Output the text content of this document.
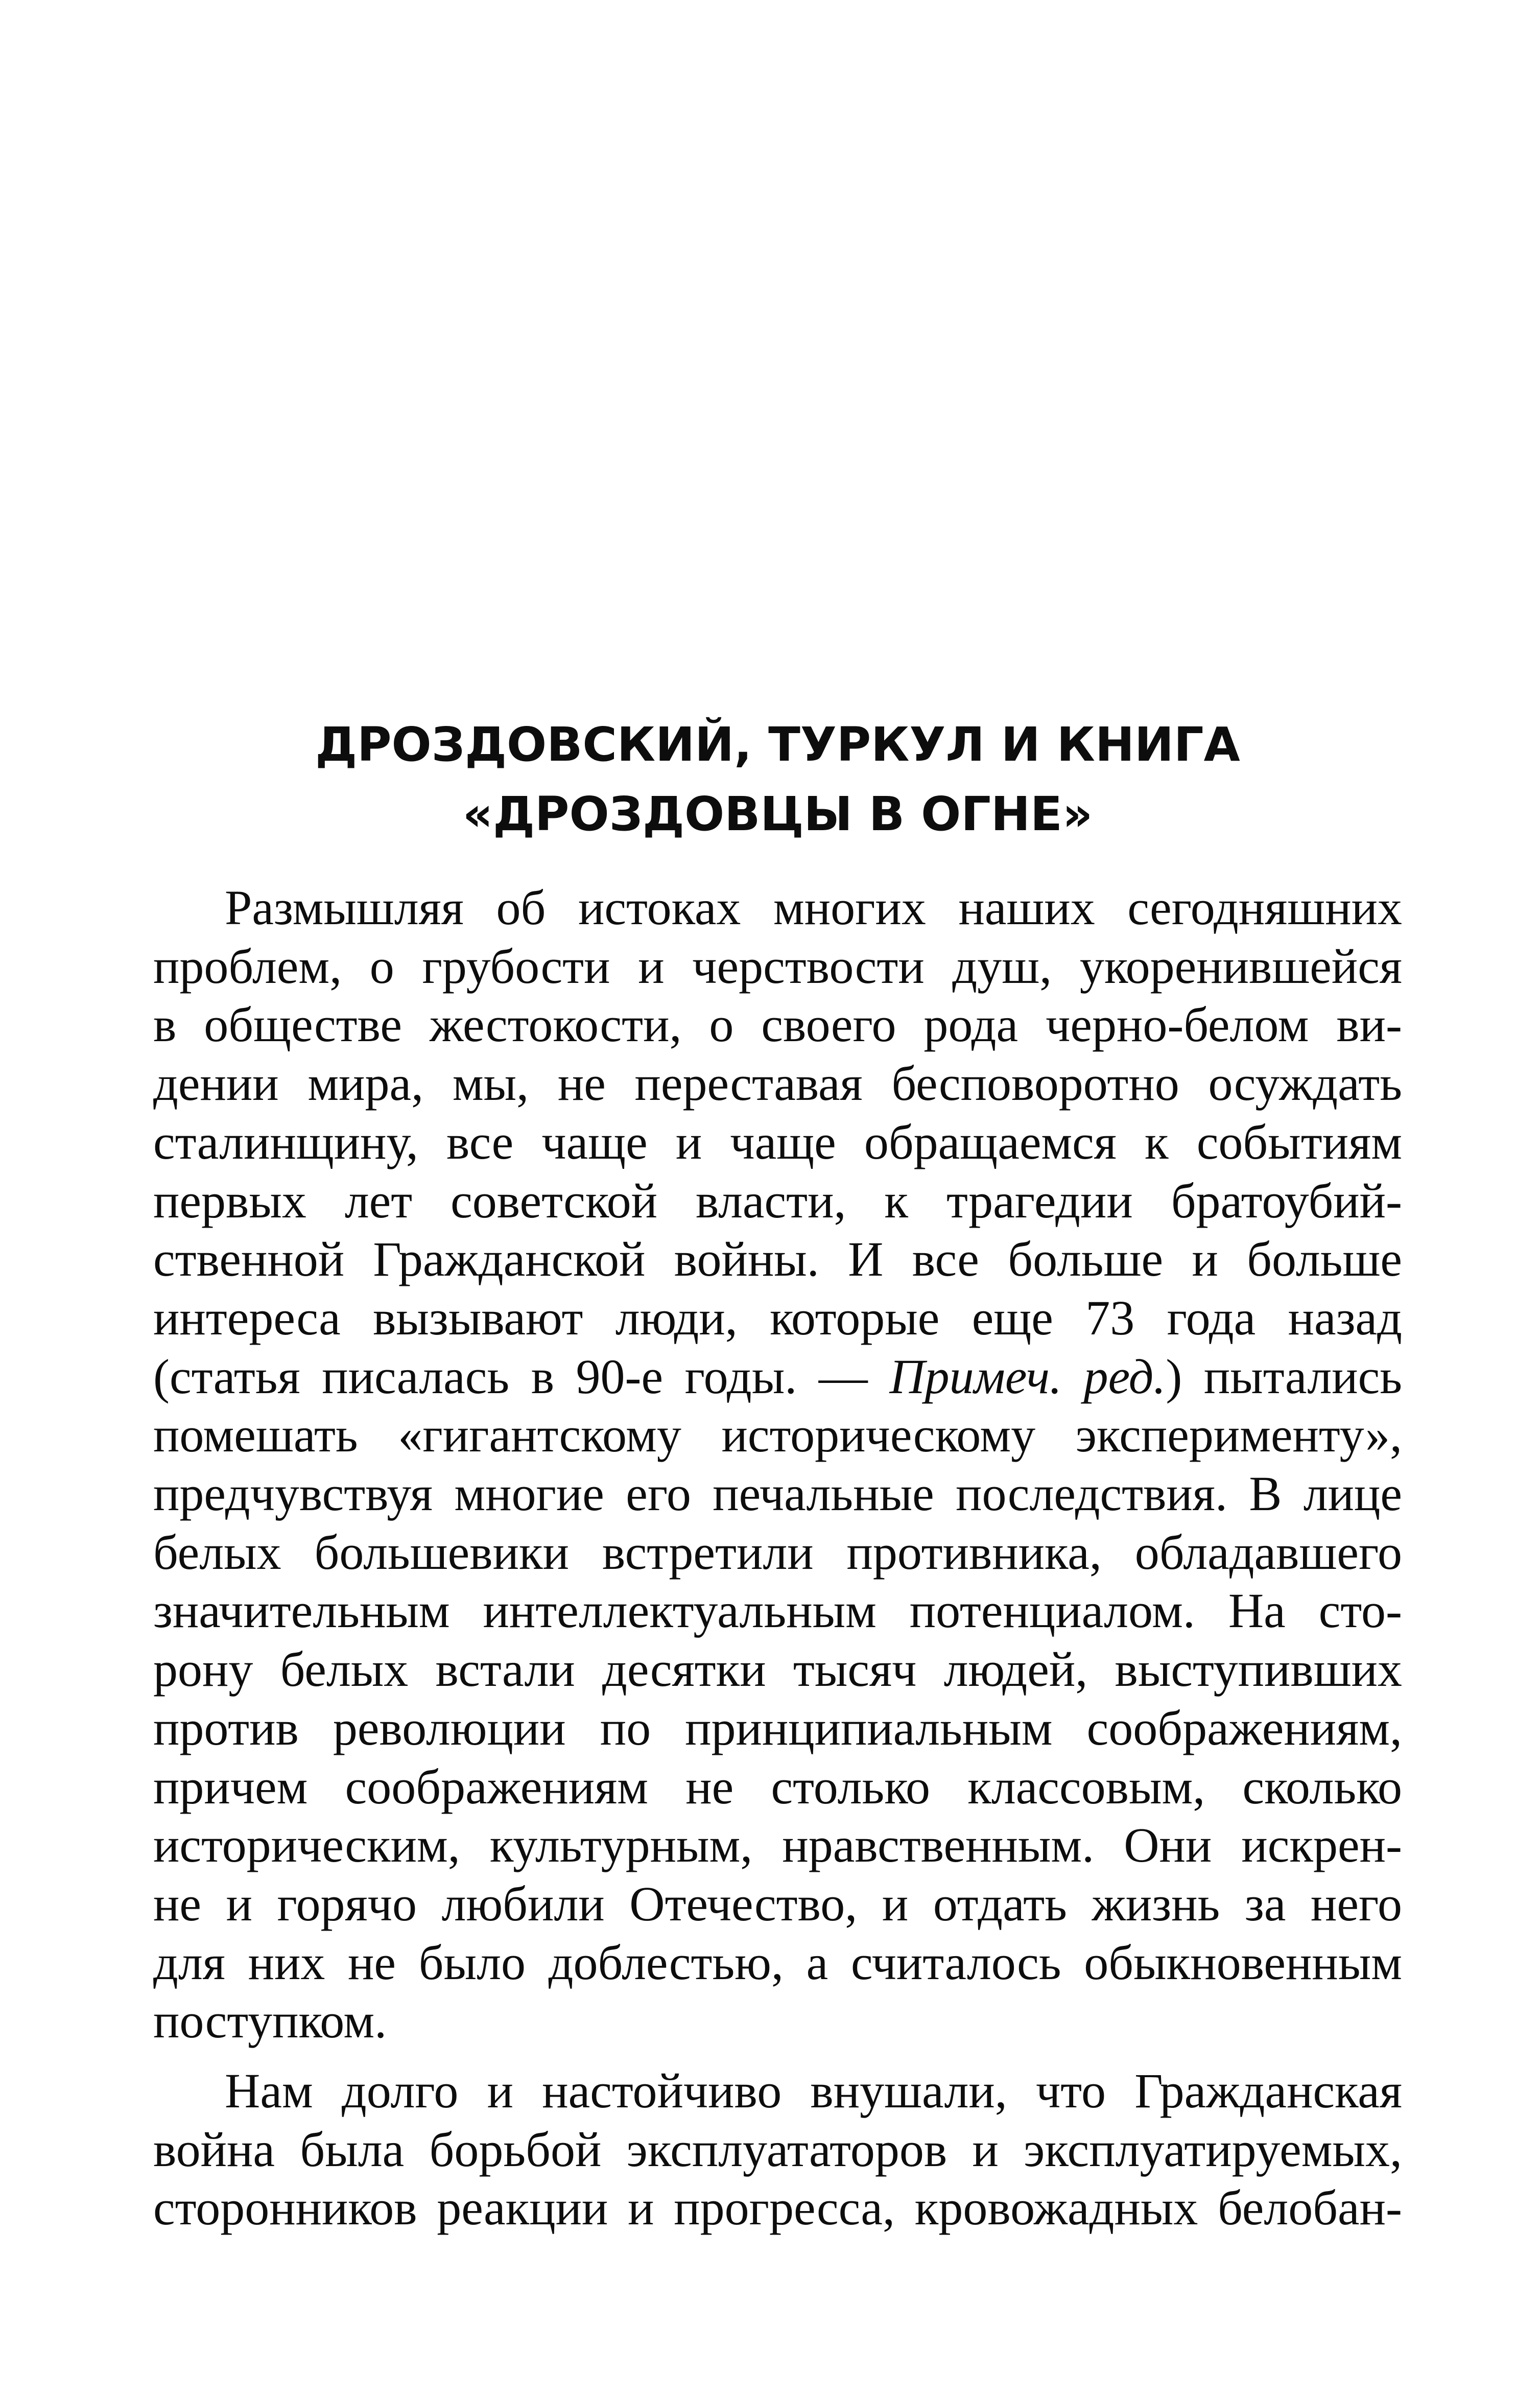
ДРОЗДОВСКИЙ, ТУРКУЛ И КНИГА
«ДРОЗДОВЦЫ В ОГНЕ»
Размышляя об истоках многих наших сегодняшних
проблем, о грубости и черствости душ, укоренившейся
в обществе жестокости, о своего рода черно-белом ви-
дении мира, мы, не переставая бесповоротно осуждать
сталинщину, все чаще и чаще обращаемся к событиям
первых лет советской власти, к трагедии братоубий-
ственной Гражданской войны. И все больше и больше
интереса вызывают люди, которые еще 73 года назад
(статья писалась в 90-е годы. — Примеч. ред.) пытались
помешать «гигантскому историческому эксперименту»,
предчувствуя многие его печальные последствия. В лице
белых большевики встретили противника, обладавшего
значительным интеллектуальным потенциалом. На сто-
рону белых встали десятки тысяч людей, выступивших
против революции по принципиальным соображениям,
причем соображениям не столько классовым, сколько
историческим, культурным, нравственным. Они искрен-
не и горячо любили Отечество, и отдать жизнь за него
для них не было доблестью, а считалось обыкновенным
поступком.
Нам долго и настойчиво внушали, что Гражданская
война была борьбой эксплуататоров и эксплуатируемых,
сторонников реакции и прогресса, кровожадных белобан-
